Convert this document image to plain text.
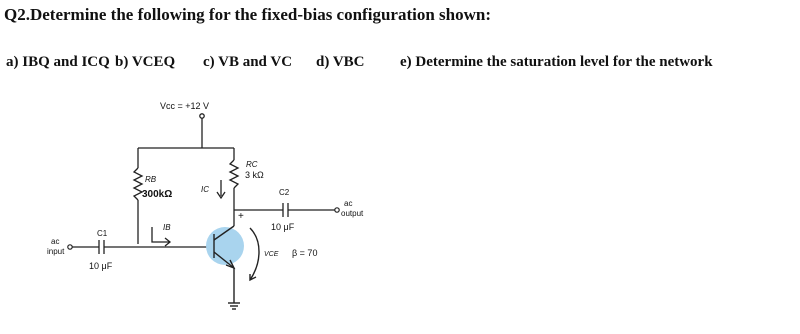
Q2.Determine the following for the fixed-bias configuration shown:
a) IBQ and ICQ b) VCEQ c) VB and VC d) VBC e) Determine the saturation level for the network
Vcc = +12 V
RB
300kΩ	IC
RC
3 kΩ
C2
10 μF
ac
output
C1
10 μF
ac
input
IB
+
VCE β = 70
